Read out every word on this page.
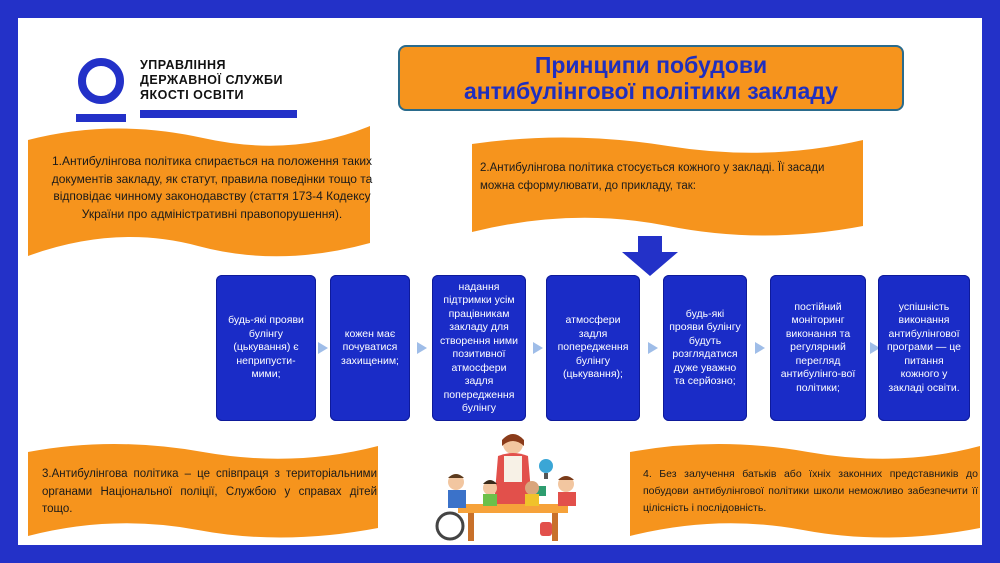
УПРАВЛІННЯ
ДЕРЖАВНОЇ СЛУЖБИ
ЯКОСТІ ОСВІТИ
Принципи побудови
антибулінгової політики закладу
1.Антибулінгова політика спирається на положення таких документів закладу, як статут, правила поведінки тощо та відповідає чинному законодавству (стаття 173-4 Кодексу України про адміністративні правопорушення).
2.Антибулінгова політика стосується кожного у закладі. Її засади можна сформулювати, до прикладу, так:
будь-які прояви булінгу (цькування) є неприпусти-мими;
кожен має почуватися захищеним;
надання підтримки усім працівникам закладу для створення ними позитивної атмосфери задля попередження булінгу
атмосфери задля попередження булінгу (цькування);
будь-які прояви булінгу будуть розглядатися дуже уважно та серйозно;
постійний моніторинг виконання та регулярний перегляд антибулінго-вої політики;
успішність виконання антибулінгової програми — це питання кожного у закладі освіти.
3.Антибулінгова політика – це співпраця з територіальними органами Національної поліції, Службою у справах дітей тощо.
4. Без залучення батьків або їхніх законних представників до побудови антибулінгової політики школи неможливо забезпечити її цілісність і послідовність.
